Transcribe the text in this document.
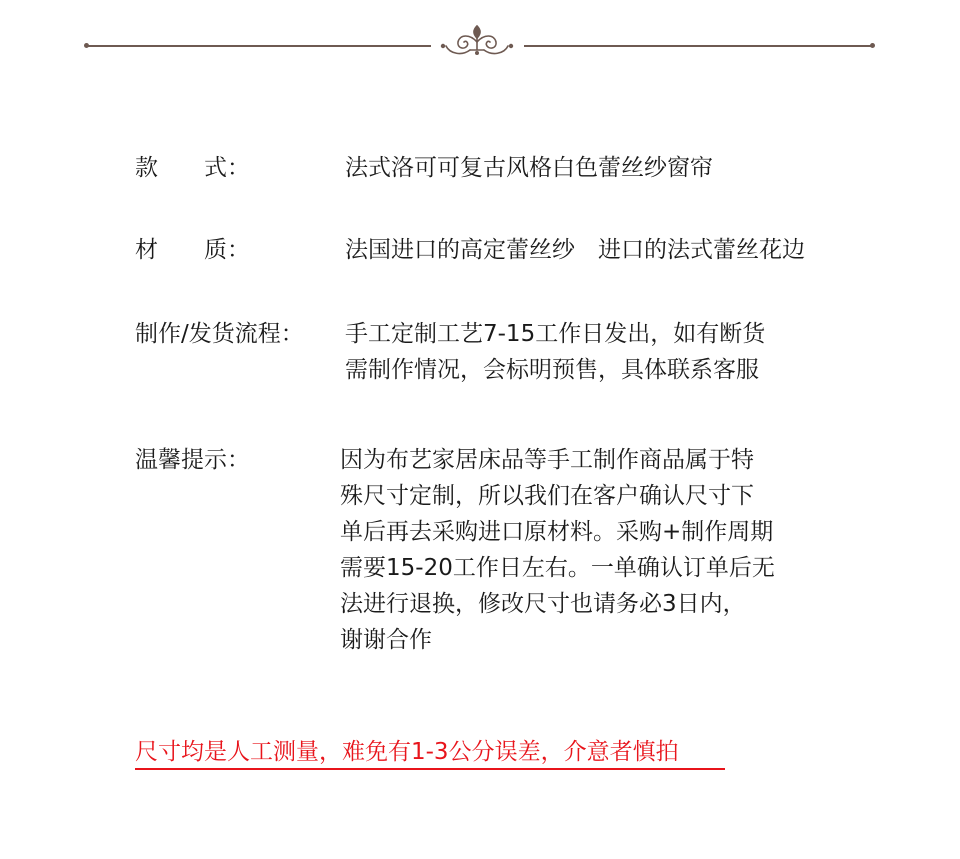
款　　式：	法式洛可可复古风格白色蕾丝纱窗帘
材　　质：	法国进口的高定蕾丝纱　进口的法式蕾丝花边
制作/发货流程： 手工定制工艺7-15工作日发出，如有断货
需制作情况，会标明预售，具体联系客服
温馨提示：	因为布艺家居床品等手工制作商品属于特
殊尺寸定制，所以我们在客户确认尺寸下
单后再去采购进口原材料。采购+制作周期
需要15-20工作日左右。一单确认订单后无
法进行退换，修改尺寸也请务必3日内，
谢谢合作
尺寸均是人工测量，难免有1-3公分误差，介意者慎拍
